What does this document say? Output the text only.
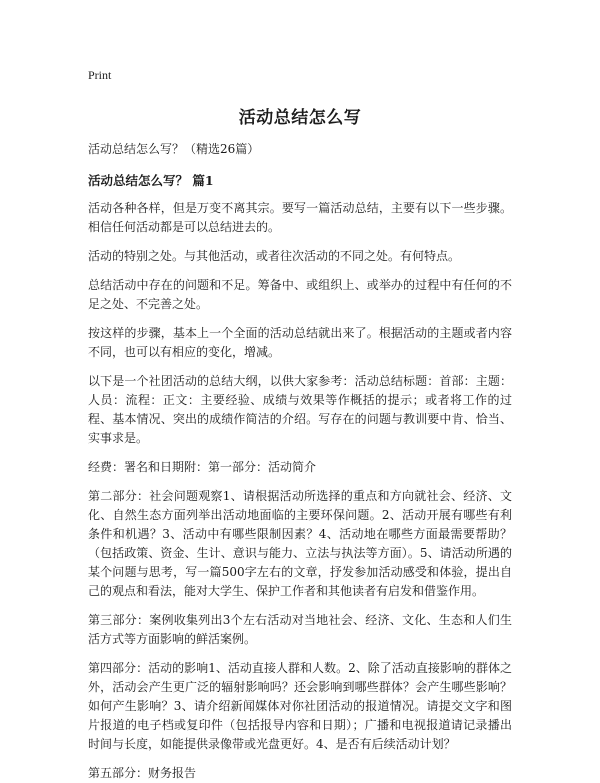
Print
活动总结怎么写

活动总结怎么写？（精选26篇）

活动总结怎么写？ 篇1

活动各种各样，但是万变不离其宗。要写一篇活动总结，主要有以下一些步骤。相信任何活动都是可以总结进去的。

活动的特别之处。与其他活动，或者往次活动的不同之处。有何特点。

总结活动中存在的问题和不足。筹备中、或组织上、或举办的过程中有任何的不足之处、不完善之处。

按这样的步骤，基本上一个全面的活动总结就出来了。根据活动的主题或者内容不同，也可以有相应的变化，增减。

以下是一个社团活动的总结大纲，以供大家参考：活动总结标题：首部：主题：人员：流程：正文：主要经验、成绩与效果等作概括的提示；或者将工作的过程、基本情况、突出的成绩作简洁的介绍。写存在的问题与教训要中肯、恰当、实事求是。

经费：署名和日期附：第一部分：活动简介

第二部分：社会问题观察1、请根据活动所选择的重点和方向就社会、经济、文化、自然生态方面列举出活动地面临的主要环保问题。2、活动开展有哪些有利条件和机遇？3、活动中有哪些限制因素？4、活动地在哪些方面最需要帮助？（包括政策、资金、生计、意识与能力、立法与执法等方面）。5、请活动所遇的某个问题与思考，写一篇500字左右的文章，抒发参加活动感受和体验，提出自己的观点和看法，能对大学生、保护工作者和其他读者有启发和借鉴作用。

第三部分：案例收集列出3个左右活动对当地社会、经济、文化、生态和人们生活方式等方面影响的鲜活案例。

第四部分：活动的影响1、活动直接人群和人数。2、除了活动直接影响的群体之外，活动会产生更广泛的辐射影响吗？还会影响到哪些群体？会产生哪些影响？如何产生影响？3、请介绍新闻媒体对你社团活动的报道情况。请提交文字和图片报道的电子档或复印件（包括报导内容和日期）；广播和电视报道请记录播出时间与长度，如能提供录像带或光盘更好。4、是否有后续活动计划？

第五部分：财务报告
